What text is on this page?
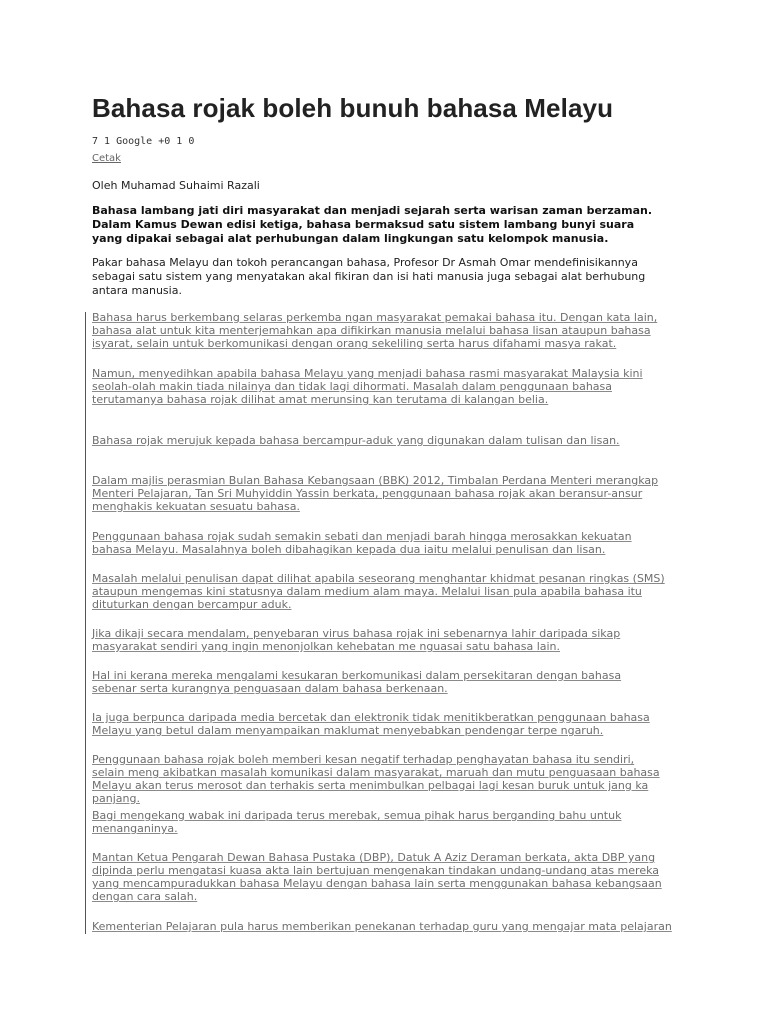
Bahasa rojak boleh bunuh bahasa Melayu
7 1 Google +0 1 0
Cetak
Oleh Muhamad Suhaimi Razali

Bahasa lambang jati diri masyarakat dan menjadi sejarah serta warisan zaman berzaman. Dalam Kamus Dewan edisi ketiga, bahasa bermaksud satu sistem lambang bunyi suara yang dipakai sebagai alat perhubungan dalam lingkungan satu kelompok manusia.

Pakar bahasa Melayu dan tokoh perancangan bahasa, Profesor Dr Asmah Omar mendefinisikannya sebagai satu sistem yang menyatakan akal fikiran dan isi hati manusia juga sebagai alat berhubung antara manusia.

Bahasa harus berkembang selaras perkemba ngan masyarakat pemakai bahasa itu. Dengan kata lain, bahasa alat untuk kita menterjemahkan apa difikirkan manusia melalui bahasa lisan ataupun bahasa isyarat, selain untuk berkomunikasi dengan orang sekeliling serta harus difahami masya rakat.

Namun, menyedihkan apabila bahasa Melayu yang menjadi bahasa rasmi masyarakat Malaysia kini seolah-olah makin tiada nilainya dan tidak lagi dihormati. Masalah dalam penggunaan bahasa terutamanya bahasa rojak dilihat amat merunsing kan terutama di kalangan belia.

Bahasa rojak merujuk kepada bahasa bercampur-aduk yang digunakan dalam tulisan dan lisan.

Dalam majlis perasmian Bulan Bahasa Kebangsaan (BBK) 2012, Timbalan Perdana Menteri merangkap Menteri Pelajaran, Tan Sri Muhyiddin Yassin berkata, penggunaan bahasa rojak akan beransur-ansur menghakis kekuatan sesuatu bahasa.

Penggunaan bahasa rojak sudah semakin sebati dan menjadi barah hingga merosakkan kekuatan bahasa Melayu. Masalahnya boleh dibahagikan kepada dua iaitu melalui penulisan dan lisan.

Masalah melalui penulisan dapat dilihat apabila seseorang menghantar khidmat pesanan ringkas (SMS) ataupun mengemas kini statusnya dalam medium alam maya. Melalui lisan pula apabila bahasa itu dituturkan dengan bercampur aduk.

Jika dikaji secara mendalam, penyebaran virus bahasa rojak ini sebenarnya lahir daripada sikap masyarakat sendiri yang ingin menonjolkan kehebatan me nguasai satu bahasa lain.

Hal ini kerana mereka mengalami kesukaran berkomunikasi dalam persekitaran dengan bahasa sebenar serta kurangnya penguasaan dalam bahasa berkenaan.

Ia juga berpunca daripada media bercetak dan elektronik tidak menitikberatkan penggunaan bahasa Melayu yang betul dalam menyampaikan maklumat menyebabkan pendengar terpe ngaruh.

Penggunaan bahasa rojak boleh memberi kesan negatif terhadap penghayatan bahasa itu sendiri, selain meng akibatkan masalah komunikasi dalam masyarakat, maruah dan mutu penguasaan bahasa Melayu akan terus merosot dan terhakis serta menimbulkan pelbagai lagi kesan buruk untuk jang ka panjang.

Bagi mengekang wabak ini daripada terus merebak, semua pihak harus berganding bahu untuk menanganinya.

Mantan Ketua Pengarah Dewan Bahasa Pustaka (DBP), Datuk A Aziz Deraman berkata, akta DBP yang dipinda perlu mengatasi kuasa akta lain bertujuan mengenakan tindakan undang-undang atas mereka yang mencampuradukkan bahasa Melayu dengan bahasa lain serta menggunakan bahasa kebangsaan dengan cara salah.

Kementerian Pelajaran pula harus memberikan penekanan terhadap guru yang mengajar mata pelajaran
